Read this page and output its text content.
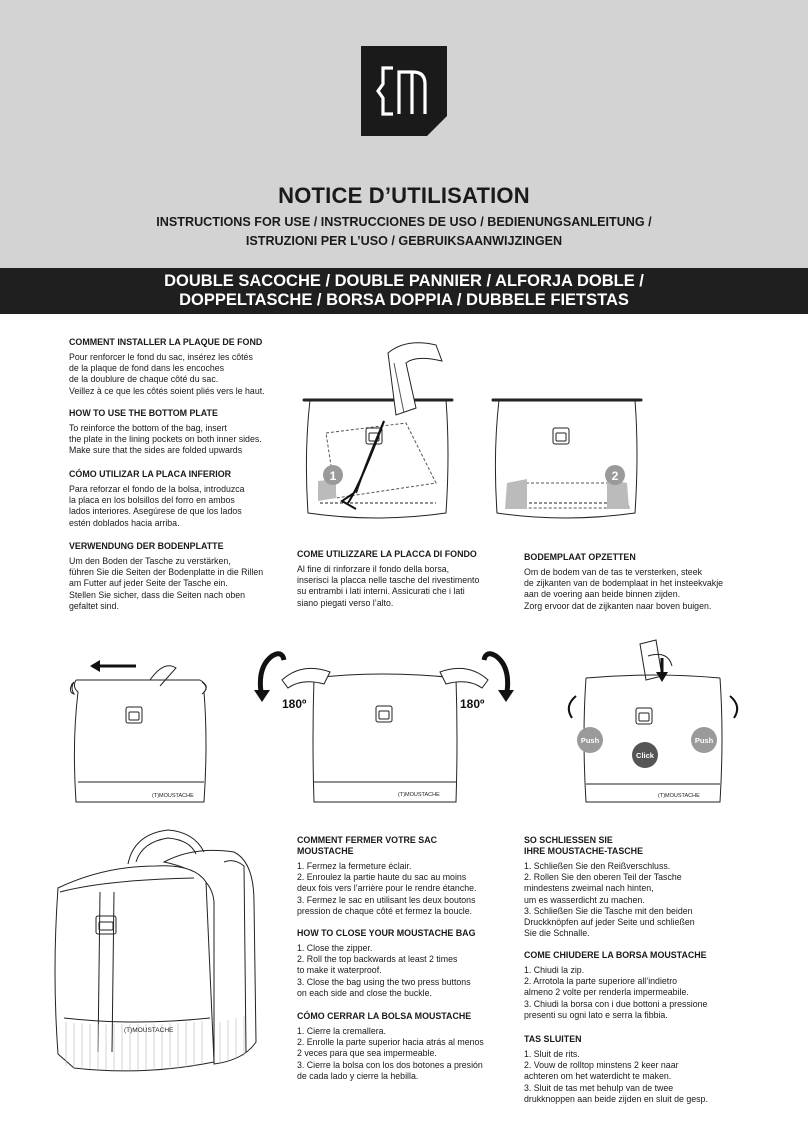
NOTICE D’UTILISATION

INSTRUCTIONS FOR USE / INSTRUCCIONES DE USO / BEDIENUNGSANLEITUNG /

ISTRUZIONI PER L’USO / GEBRUIKSAANWIJZINGEN

DOUBLE SACOCHE / DOUBLE PANNIER / ALFORJA DOBLE /

DOPPELTASCHE / BORSA DOPPIA / DUBBELE FIETSTAS

COMMENT INSTALLER LA PLAQUE DE FOND

Pour renforcer le fond du sac, insérez les côtés
de la plaque de fond dans les encoches
de la doublure de chaque côté du sac.
Veillez à ce que les côtés soient pliés vers le haut.

HOW TO USE THE BOTTOM PLATE

To reinforce the bottom of the bag, insert
the plate in the lining pockets on both inner sides.
Make sure that the sides are folded upwards

CÓMO UTILIZAR LA PLACA INFERIOR

Para reforzar el fondo de la bolsa, introduzca
la placa en los bolsillos del forro en ambos
lados interiores. Asegúrese de que los lados
estén doblados hacia arriba.

VERWENDUNG DER BODENPLATTE

Um den Boden der Tasche zu verstärken,
führen Sie die Seiten der Bodenplatte in die Rillen
am Futter auf jeder Seite der Tasche ein.
Stellen Sie sicher, dass die Seiten nach oben
gefaltet sind.

COME UTILIZZARE LA PLACCA DI FONDO

Al fine di rinforzare il fondo della borsa,
inserisci la placca nelle tasche del rivestimento
su entrambi i lati interni. Assicurati che i lati
siano piegati verso l’alto.

BODEMPLAAT OPZETTEN

Om de bodem van de tas te versterken, steek
de zijkanten van de bodemplaat in het insteekvakje
aan de voering aan beide binnen zijden.
Zorg ervoor dat de zijkanten naar boven buigen.

1	2
(T)MOUSTACHE
180º	180º
(T)MOUSTACHE
Push	Push
Click
(T)MOUSTACHE
(T)MOUSTACHE
COMMENT FERMER VOTRE SAC
MOUSTACHE
1. Fermez la fermeture éclair.
2. Enroulez la partie haute du sac au moins
deux fois vers l’arrière pour le rendre étanche.
3. Fermez le sac en utilisant les deux boutons
pression de chaque côté et fermez la boucle.
HOW TO CLOSE YOUR MOUSTACHE BAG
1. Close the zipper.
2. Roll the top backwards at least 2 times
to make it waterproof.
3. Close the bag using the two press buttons
on each side and close the buckle.
CÓMO CERRAR LA BOLSA MOUSTACHE
1. Cierre la cremallera.
2. Enrolle la parte superior hacia atrás al menos
2 veces para que sea impermeable.
3. Cierre la bolsa con los dos botones a presión
de cada lado y cierre la hebilla.
SO SCHLIESSEN SIE
IHRE MOUSTACHE-TASCHE
1. Schließen Sie den Reißverschluss.
2. Rollen Sie den oberen Teil der Tasche
mindestens zweimal nach hinten,
um es wasserdicht zu machen.
3. Schließen Sie die Tasche mit den beiden
Druckknöpfen auf jeder Seite und schließen
Sie die Schnalle.
COME CHIUDERE LA BORSA MOUSTACHE
1. Chiudi la zip.
2. Arrotola la parte superiore all’indietro
almeno 2 volte per renderla impermeabile.
3. Chiudi la borsa con i due bottoni a pressione
presenti su ogni lato e serra la fibbia.
TAS SLUITEN
1. Sluit de rits.
2. Vouw de rolltop minstens 2 keer naar
achteren om het waterdicht te maken.
3. Sluit de tas met behulp van de twee
drukknoppen aan beide zijden en sluit de gesp.
